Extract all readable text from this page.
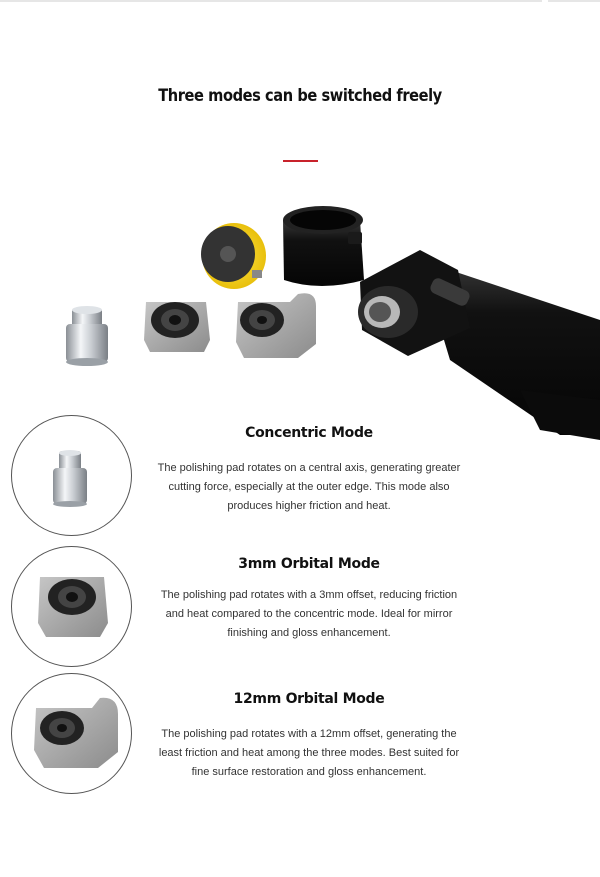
Three modes can be switched freely
Concentric Mode
The polishing pad rotates on a central axis, generating greater
cutting force, especially at the outer edge. This mode also
produces higher friction and heat.
3mm Orbital Mode
The polishing pad rotates with a 3mm offset, reducing friction
and heat compared to the concentric mode. Ideal for mirror
finishing and gloss enhancement.
12mm Orbital Mode
The polishing pad rotates with a 12mm offset, generating the
least friction and heat among the three modes. Best suited for
fine surface restoration and gloss enhancement.
